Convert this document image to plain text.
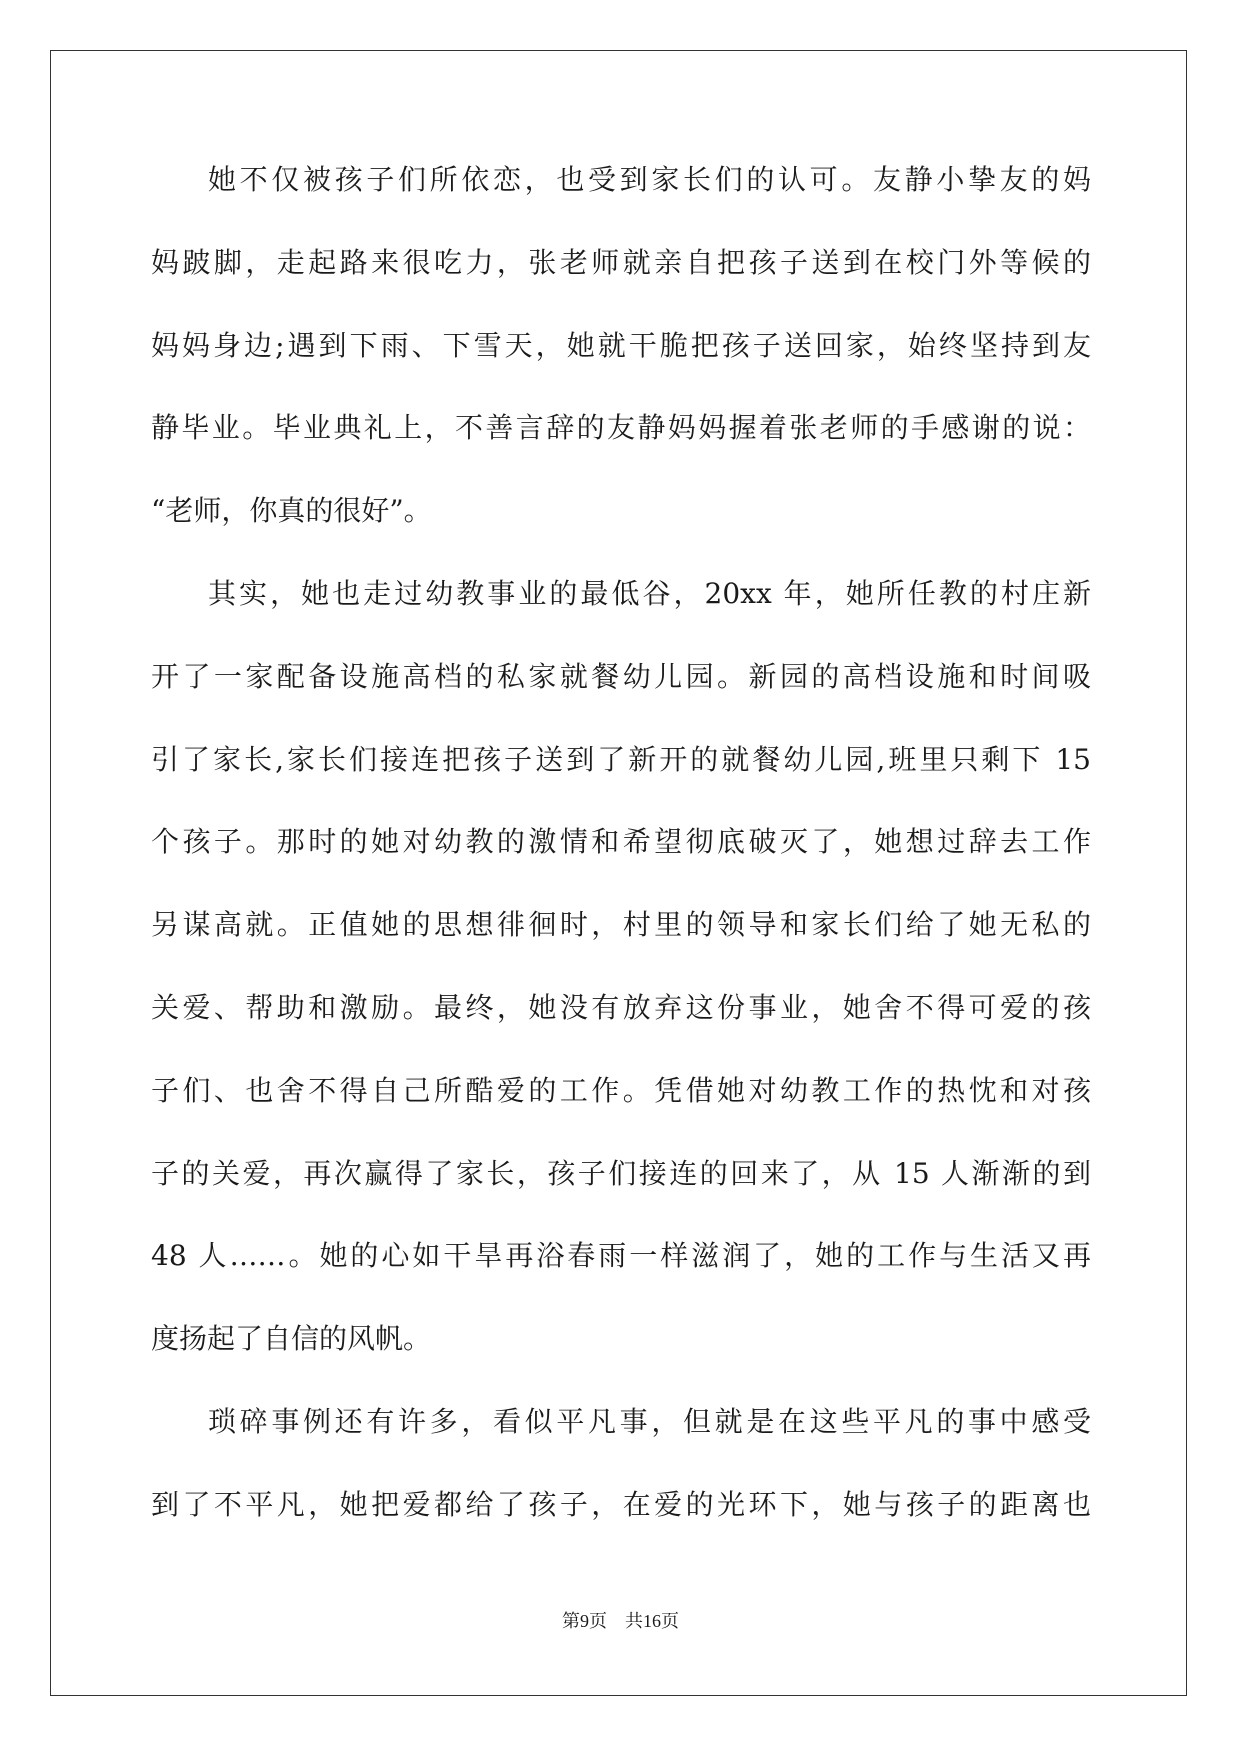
她不仅被孩子们所依恋，也受到家长们的认可。友静小挚友的妈
妈跛脚，走起路来很吃力，张老师就亲自把孩子送到在校门外等候的
妈妈身边;遇到下雨、下雪天，她就干脆把孩子送回家，始终坚持到友
静毕业。毕业典礼上，不善言辞的友静妈妈握着张老师的手感谢的说：
“老师，你真的很好”。
其实，她也走过幼教事业的最低谷，20xx 年，她所任教的村庄新
开了一家配备设施高档的私家就餐幼儿园。新园的高档设施和时间吸
引了家长,家长们接连把孩子送到了新开的就餐幼儿园,班里只剩下 15
个孩子。那时的她对幼教的激情和希望彻底破灭了，她想过辞去工作
另谋高就。正值她的思想徘徊时，村里的领导和家长们给了她无私的
关爱、帮助和激励。最终，她没有放弃这份事业，她舍不得可爱的孩
子们、也舍不得自己所酷爱的工作。凭借她对幼教工作的热忱和对孩
子的关爱，再次赢得了家长，孩子们接连的回来了，从 15 人渐渐的到
48 人……。她的心如干旱再浴春雨一样滋润了，她的工作与生活又再
度扬起了自信的风帆。
琐碎事例还有许多，看似平凡事，但就是在这些平凡的事中感受
到了不平凡，她把爱都给了孩子，在爱的光环下，她与孩子的距离也
第9页　共16页
